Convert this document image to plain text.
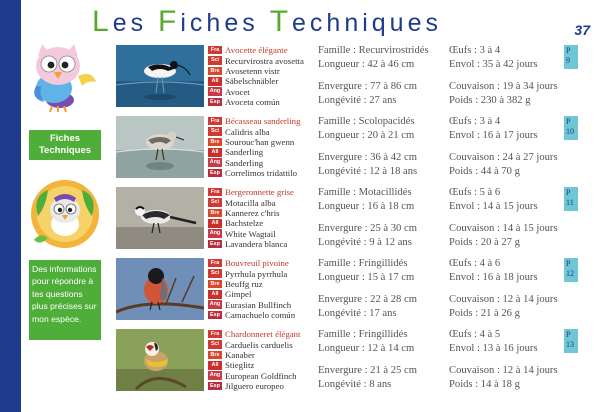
Les Fiches Techniques	37
Fiches Techniques
Des informations pour répondre à tes questions plus précises sur mon espèce.
Fra Avocette élégante
Sci Recurvirostra avosetta
Bre Avosetenn vistr
All Säbelschnäbler
Ang Avocet
Esp Avoceta común
Famille : Recurvirostridés
Longueur : 42 à 46 cm
Envergure : 77 à 86 cm
Longévité : 27 ans
Œufs : 3 à 4
Envol : 35 à 42 jours
Couvaison : 19 à 34 jours
Poids : 230 à 382 g
P
9
Fra Bécasseau sanderling
Sci Calidris alba
Bre Sourouc'han gwenn
All Sanderling
Ang Sanderling
Esp Correlimos tridattilo
Famille : Scolopacidés
Longueur : 20 à 21 cm
Envergure : 36 à 42 cm
Longévité : 12 à 18 ans
Œufs : 3 à 4
Envol : 16 à 17 jours
Couvaison : 24 à 27 jours
Poids : 44 à 70 g
P
10
Fra Bergeronnette grise
Sci Motacilla alba
Bre Kannerez c'hris
All Bachstelze
Ang White Wagtail
Esp Lavandera blanca
Famille : Motacillidés
Longueur : 16 à 18 cm
Envergure : 25 à 30 cm
Longévité : 9 à 12 ans
Œufs : 5 à 6
Envol : 14 à 15 jours
Couvaison : 14 à 15 jours
Poids : 20 à 27 g
P
11
Fra Bouvreuil pivoine
Sci Pyrrhula pyrrhula
Bre Beuffg ruz
All Gimpel
Ang Eurasian Bullfinch
Esp Camachuelo común
Famille : Fringillidés
Longueur : 15 à 17 cm
Envergure : 22 à 28 cm
Longévité : 17 ans
Œufs : 4 à 6
Envol : 16 à 18 jours
Couvaison : 12 à 14 jours
Poids : 21 à 26 g
P
12
Fra Chardonneret élégant
Sci Carduelis carduelis
Bre Kanaber
All Stieglitz
Ang European Goldfinch
Esp Jilguero europeo
Famille : Fringillidés
Longueur : 12 à 14 cm
Envergure : 21 à 25 cm
Longévité : 8 ans
Œufs : 4 à 5
Envol : 13 à 16 jours
Couvaison : 12 à 14 jours
Poids : 14 à 18 g
P
13
